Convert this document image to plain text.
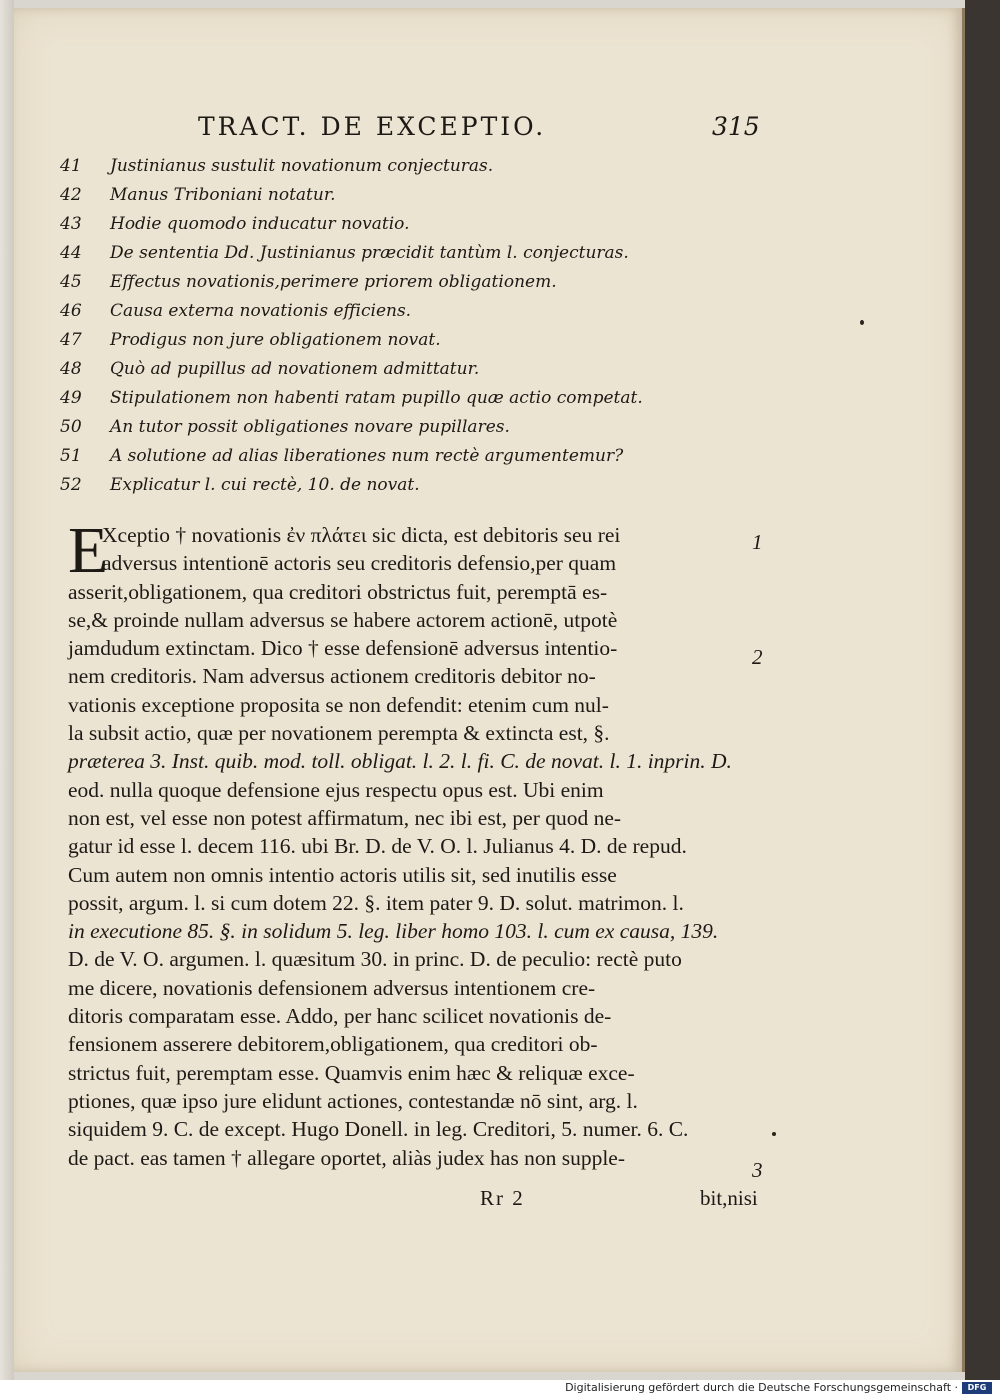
TRACT. DE EXCEPTIO.	315
41	Justinianus sustulit novationum conjecturas.
42	Manus Triboniani notatur.
43	Hodie quomodo inducatur novatio.
44	De sententia Dd. Justinianus præcidit tantùm l. conjecturas.
45	Effectus novationis,perimere priorem obligationem.
46	Causa externa novationis efficiens.
47	Prodigus non jure obligationem novat.
48	Quò ad pupillus ad novationem admittatur.
49	Stipulationem non habenti ratam pupillo quæ actio competat.
50	An tutor possit obligationes novare pupillares.
51	A solutione ad alias liberationes num rectè argumentemur?
52	Explicatur l. cui rectè, 10. de novat.
E
Xceptio † novationis ἐν πλάτει sic dicta, est debitoris seu rei
adversus intentionē actoris seu creditoris defensio,per quam
asserit,obligationem, qua creditori obstrictus fuit, peremptā es-
se,& proinde nullam adversus se habere actorem actionē, utpotè
jamdudum extinctam. Dico † esse defensionē adversus intentio-
nem creditoris. Nam adversus actionem creditoris debitor no-
vationis exceptione proposita se non defendit: etenim cum nul-
la subsit actio, quæ per novationem perempta & extincta est, §.
præterea 3. Inst. quib. mod. toll. obligat. l. 2. l. fi. C. de novat. l. 1. inprin. D.
eod. nulla quoque defensione ejus respectu opus est. Ubi enim
non est, vel esse non potest affirmatum, nec ibi est, per quod ne-
gatur id esse l. decem 116. ubi Br. D. de V. O. l. Julianus 4. D. de repud.
Cum autem non omnis intentio actoris utilis sit, sed inutilis esse
possit, argum. l. si cum dotem 22. §. item pater 9. D. solut. matrimon. l.
in executione 85. §. in solidum 5. leg. liber homo 103. l. cum ex causa, 139.
D. de V. O. argumen. l. quæsitum 30. in princ. D. de peculio: rectè puto
me dicere, novationis defensionem adversus intentionem cre-
ditoris comparatam esse. Addo, per hanc scilicet novationis de-
fensionem asserere debitorem,obligationem, qua creditori ob-
strictus fuit, peremptam esse. Quamvis enim hæc & reliquæ exce-
ptiones, quæ ipso jure elidunt actiones, contestandæ nō sint, arg. l.
siquidem 9. C. de except. Hugo Donell. in leg. Creditori, 5. numer. 6. C.
de pact. eas tamen † allegare oportet, aliàs judex has non supple-
1
2
3
Rr 2	bit,nisi
Digitalisierung gefördert durch die Deutsche Forschungsgemeinschaft ·	DFG
